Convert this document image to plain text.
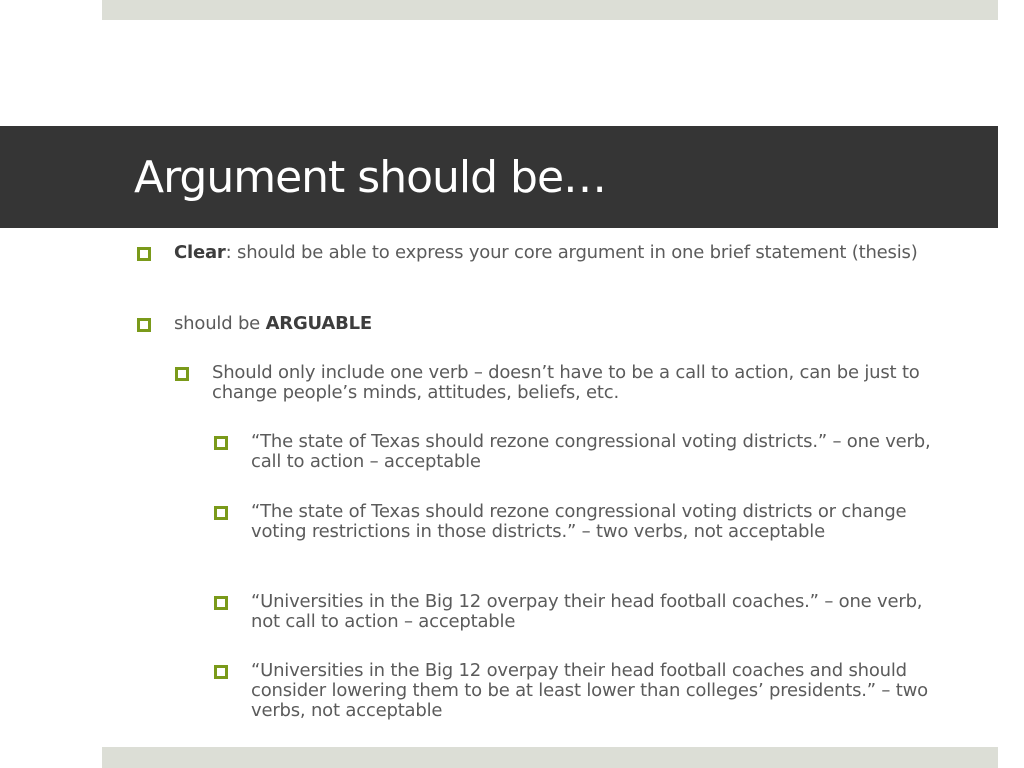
Argument should be…
Clear: should be able to express your core argument in one brief statement (thesis)
should be ARGUABLE
Should only include one verb – doesn’t have to be a call to action, can be just to change people’s minds, attitudes, beliefs, etc.
“The state of Texas should rezone congressional voting districts.” – one verb, call to action – acceptable
“The state of Texas should rezone congressional voting districts or change voting restrictions in those districts.” – two verbs, not acceptable
“Universities in the Big 12 overpay their head football coaches.” – one verb, not call to action – acceptable
“Universities in the Big 12 overpay their head football coaches and should consider lowering them to be at least lower than colleges’ presidents.” – two verbs, not acceptable
